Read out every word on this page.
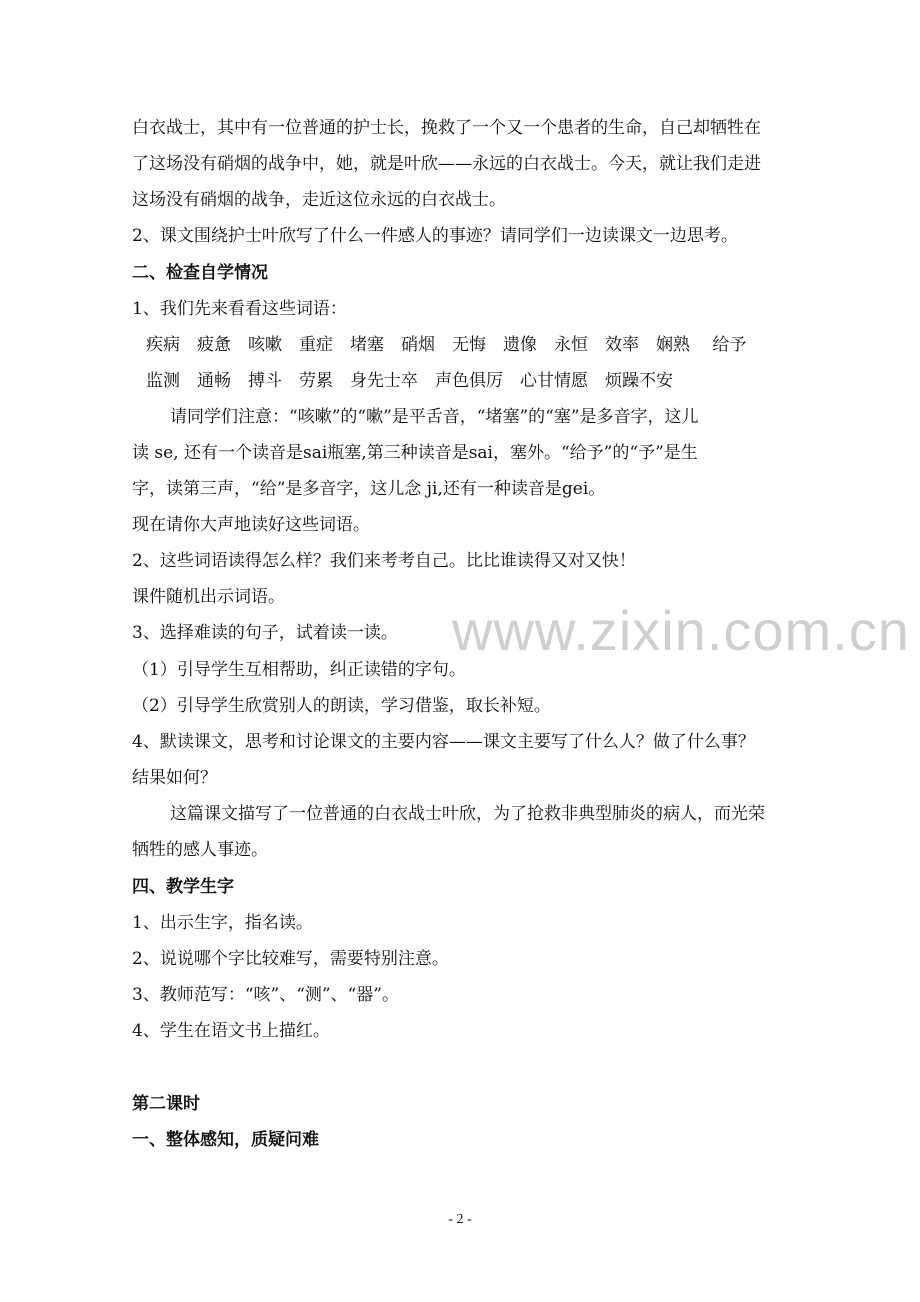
白衣战士，其中有一位普通的护士长，挽救了一个又一个患者的生命，自己却牺牲在
了这场没有硝烟的战争中，她，就是叶欣——永远的白衣战士。今天，就让我们走进
这场没有硝烟的战争，走近这位永远的白衣战士。
2、课文围绕护士叶欣写了什么一件感人的事迹？请同学们一边读课文一边思考。
二、检查自学情况
1、我们先来看看这些词语：
疾病　疲惫　咳嗽　重症　堵塞　硝烟　无悔　遗像　永恒　效率　娴熟　 给予
监测　通畅　搏斗　劳累　身先士卒　声色俱厉　心甘情愿　烦躁不安
请同学们注意：“咳嗽”的“嗽”是平舌音，“堵塞”的“塞”是多音字，这儿
读 se, 还有一个读音是sai瓶塞,第三种读音是sai，塞外。“给予”的“予”是生
字，读第三声，“给”是多音字，这儿念 ji,还有一种读音是gei。
现在请你大声地读好这些词语。
2、这些词语读得怎么样？我们来考考自己。比比谁读得又对又快！
课件随机出示词语。
3、选择难读的句子，试着读一读。
（1）引导学生互相帮助，纠正读错的字句。
（2）引导学生欣赏别人的朗读，学习借鉴，取长补短。
4、默读课文，思考和讨论课文的主要内容——课文主要写了什么人？做了什么事？
结果如何？
这篇课文描写了一位普通的白衣战士叶欣，为了抢救非典型肺炎的病人，而光荣
牺牲的感人事迹。
四、教学生字
1、出示生字，指名读。
2、说说哪个字比较难写，需要特别注意。
3、教师范写：“咳”、“测”、“器”。
4、学生在语文书上描红。
第二课时
一、整体感知，质疑问难
www.zixin.com.cn
- 2 -
